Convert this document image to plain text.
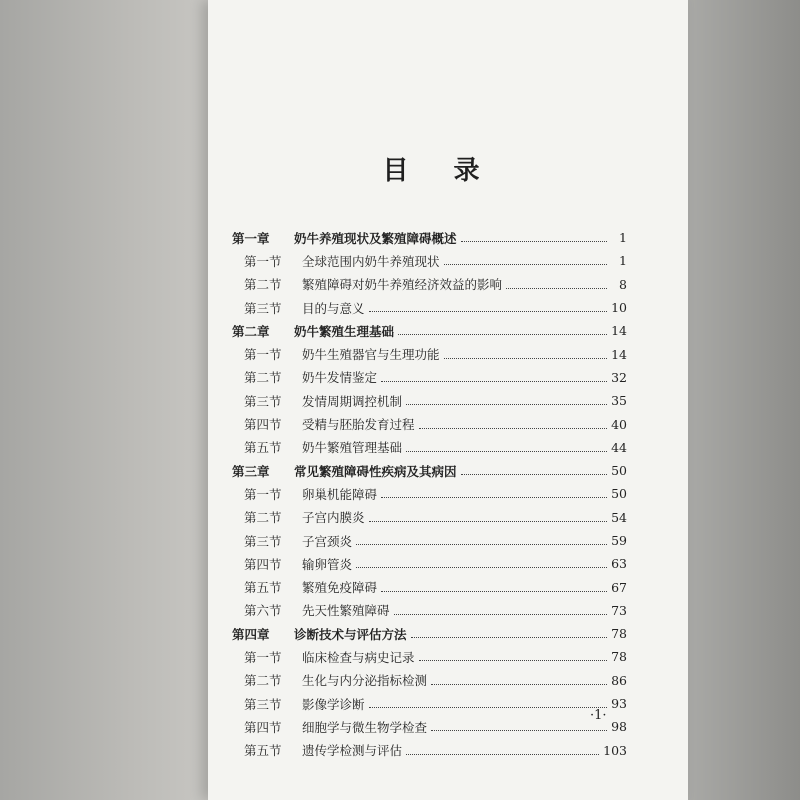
目 录
第一章	奶牛养殖现状及繁殖障碍概述	1
第一节	全球范围内奶牛养殖现状	1
第二节	繁殖障碍对奶牛养殖经济效益的影响	8
第三节	目的与意义	10
第二章	奶牛繁殖生理基础	14
第一节	奶牛生殖器官与生理功能	14
第二节	奶牛发情鉴定	32
第三节	发情周期调控机制	35
第四节	受精与胚胎发育过程	40
第五节	奶牛繁殖管理基础	44
第三章	常见繁殖障碍性疾病及其病因	50
第一节	卵巢机能障碍	50
第二节	子宫内膜炎	54
第三节	子宫颈炎	59
第四节	输卵管炎	63
第五节	繁殖免疫障碍	67
第六节	先天性繁殖障碍	73
第四章	诊断技术与评估方法	78
第一节	临床检查与病史记录	78
第二节	生化与内分泌指标检测	86
第三节	影像学诊断	93
第四节	细胞学与微生物学检查	98
第五节	遗传学检测与评估	103
·1·
